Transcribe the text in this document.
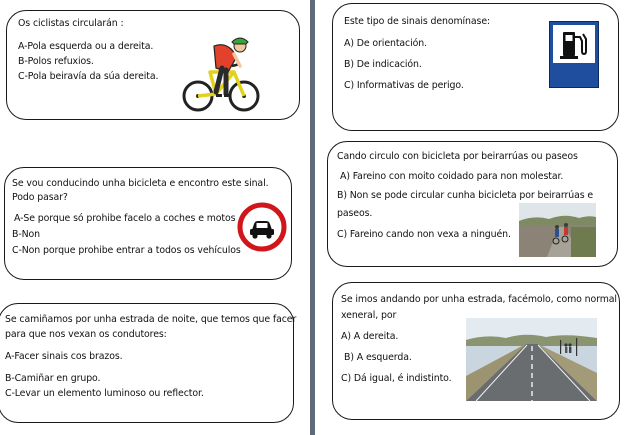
Os ciclistas circularán :
A-Pola esquerda ou a dereita.
B-Polos refuxios.
C-Pola beiravía da súa dereita.
Este tipo de sinais denomínase:
A) De orientación.
B) De indicación.
C) Informativas de perigo.
Se vou conducindo unha bicicleta e encontro este sinal.
Podo pasar?
A-Se porque só prohibe facelo a coches e motos
B-Non
C-Non porque prohibe entrar a todos os vehículos
Cando circulo con bicicleta por beirarrúas ou paseos
A) Fareino con moito coidado para non molestar.
B) Non se pode circular cunha bicicleta por beirarrúas e
paseos.
C) Fareino cando non vexa a ninguén.
Se camiñamos por unha estrada de noite, que temos que facer
para que nos vexan os condutores:
A-Facer sinais cos brazos.
B-Camiñar en grupo.
C-Levar un elemento luminoso ou reflector.
Se imos andando por unha estrada, facémolo, como normal
xeneral, por
A) A dereita.
B) A esquerda.
C) Dá igual, é indistinto.
